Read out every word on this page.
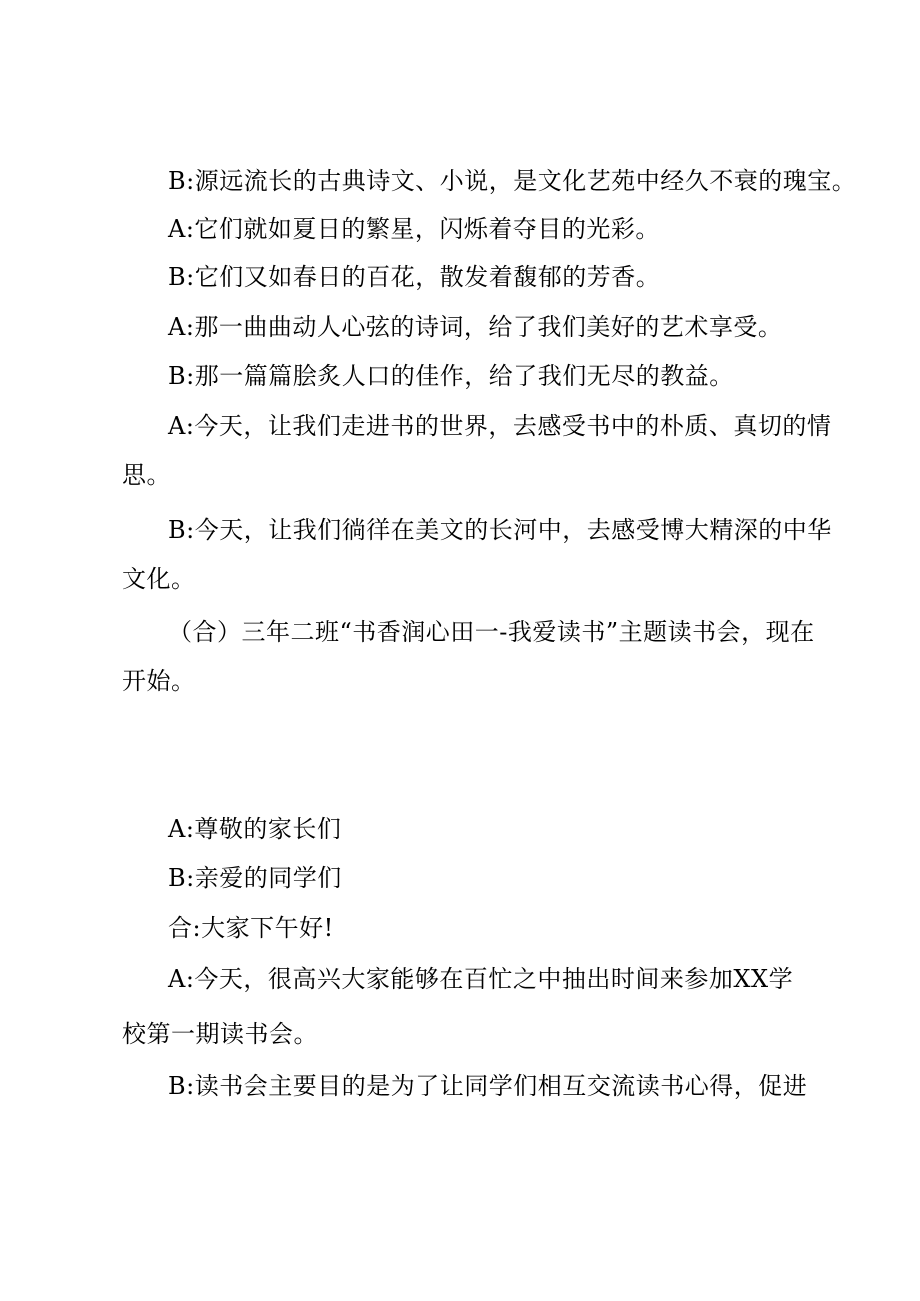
B:源远流长的古典诗文、小说，是文化艺苑中经久不衰的瑰宝。
A:它们就如夏日的繁星，闪烁着夺目的光彩。
B:它们又如春日的百花，散发着馥郁的芳香。
A:那一曲曲动人心弦的诗词，给了我们美好的艺术享受。
B:那一篇篇脍炙人口的佳作，给了我们无尽的教益。
A:今天，让我们走进书的世界，去感受书中的朴质、真切的情
思。
B:今天，让我们徜徉在美文的长河中，去感受博大精深的中华
文化。
（合）三年二班“书香润心田一-我爱读书”主题读书会，现在
开始。
A:尊敬的家长们
B:亲爱的同学们
合:大家下午好!
A:今天，很高兴大家能够在百忙之中抽出时间来参加XX学
校第一期读书会。
B:读书会主要目的是为了让同学们相互交流读书心得，促进
